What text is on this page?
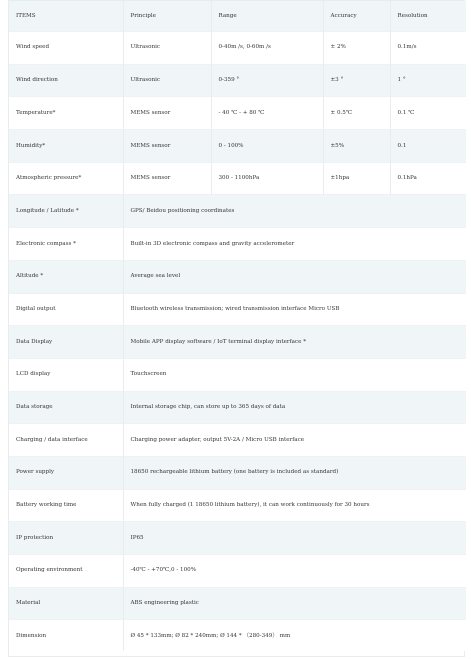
ITEMS	Principle	Range	Accuracy	Resolution
Wind speed	Ultrasonic	0-40m /s, 0-60m /s	± 2%	0.1m/s
Wind direction	Ultrasonic	0-359 °	±3 °	1 °
Temperature*	MEMS sensor	- 40 ℃ - + 80 ℃	± 0.5℃	0.1 ℃
Humidity*	MEMS sensor	0 - 100%	±5%	0.1
Atmospheric pressure*	MEMS sensor	300 - 1100hPa	±1hpa	0.1hPa
Longitude / Latitude *	GPS/ Beidou positioning coordinates			
Electronic compass *	Built-in 3D electronic compass and gravity accelerometer			
Altitude *	Average sea level			
Digital output	Bluetooth wireless transmission; wired transmission interface Micro USB			
Data Display	Mobile APP display software / IoT terminal display interface *			
LCD display	Touchscreen			
Data storage	Internal storage chip, can store up to 365 days of data			
Charging / data interface	Charging power adapter, output 5V-2A / Micro USB interface			
Power supply	18650 rechargeable lithium battery (one battery is included as standard)			
Battery working time	When fully charged (1 18650 lithium battery), it can work continuously for 30 hours			
IP protection	IP65			
Operating environment	-40℃ - +70℃,0 - 100%			
Material	ABS engineering plastic			
Dimension	Ø 45 * 133mm; Ø 82 * 240mm; Ø 144 * （280-349） mm			
